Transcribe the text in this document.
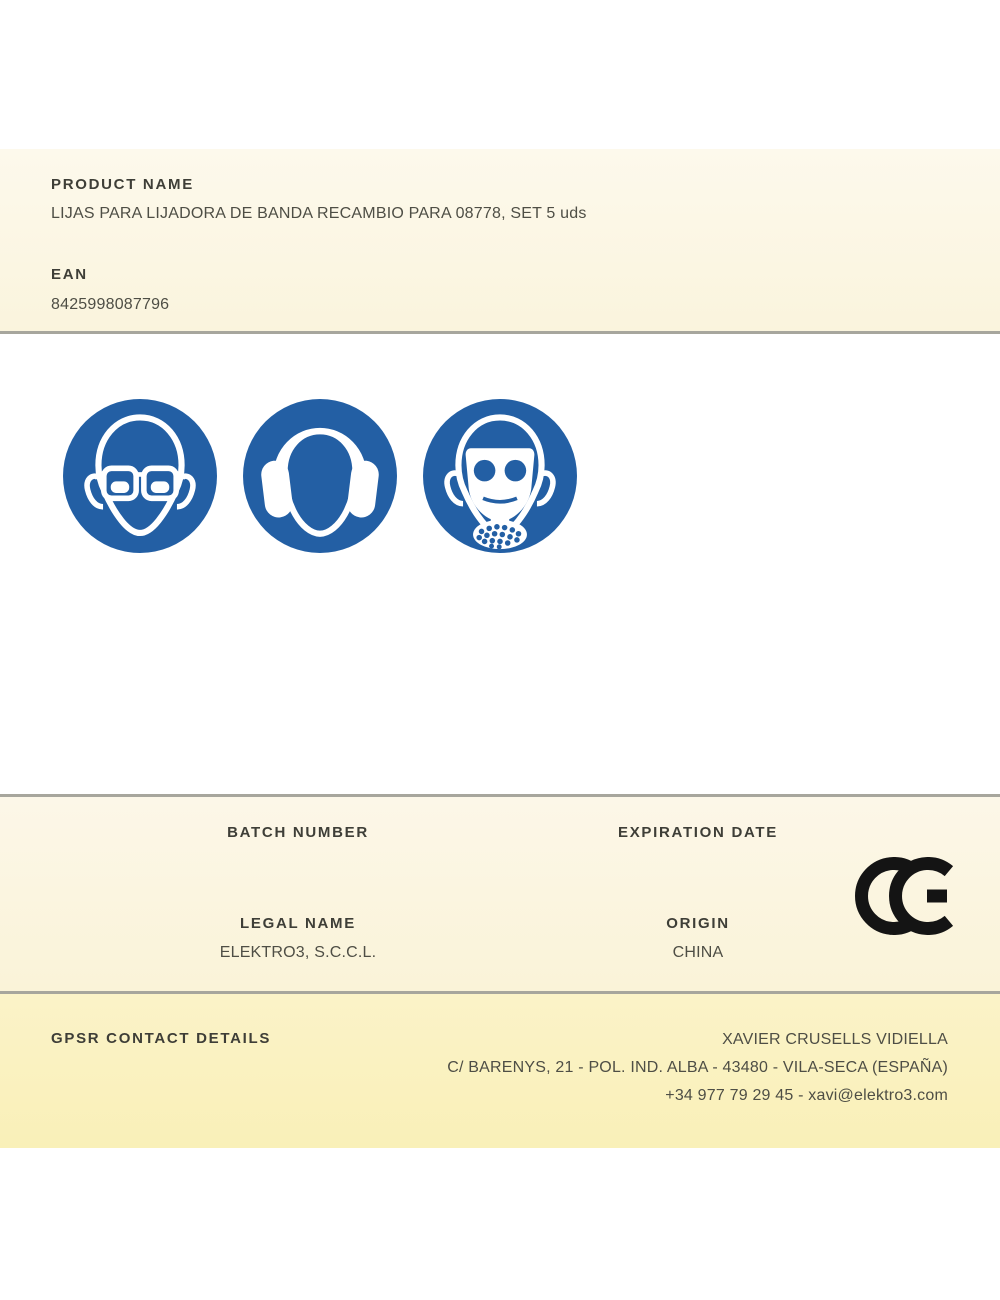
PRODUCT NAME
LIJAS PARA LIJADORA DE BANDA RECAMBIO PARA 08778, SET 5 uds
EAN
8425998087796
BATCH NUMBER	EXPIRATION DATE
LEGAL NAME
ELEKTRO3, S.C.C.L.
ORIGIN
CHINA
GPSR CONTACT DETAILS	XAVIER CRUSELLS VIDIELLA
C/ BARENYS, 21 - POL. IND. ALBA - 43480 - VILA-SECA (ESPAÑA)
+34 977 79 29 45 - xavi@elektro3.com
